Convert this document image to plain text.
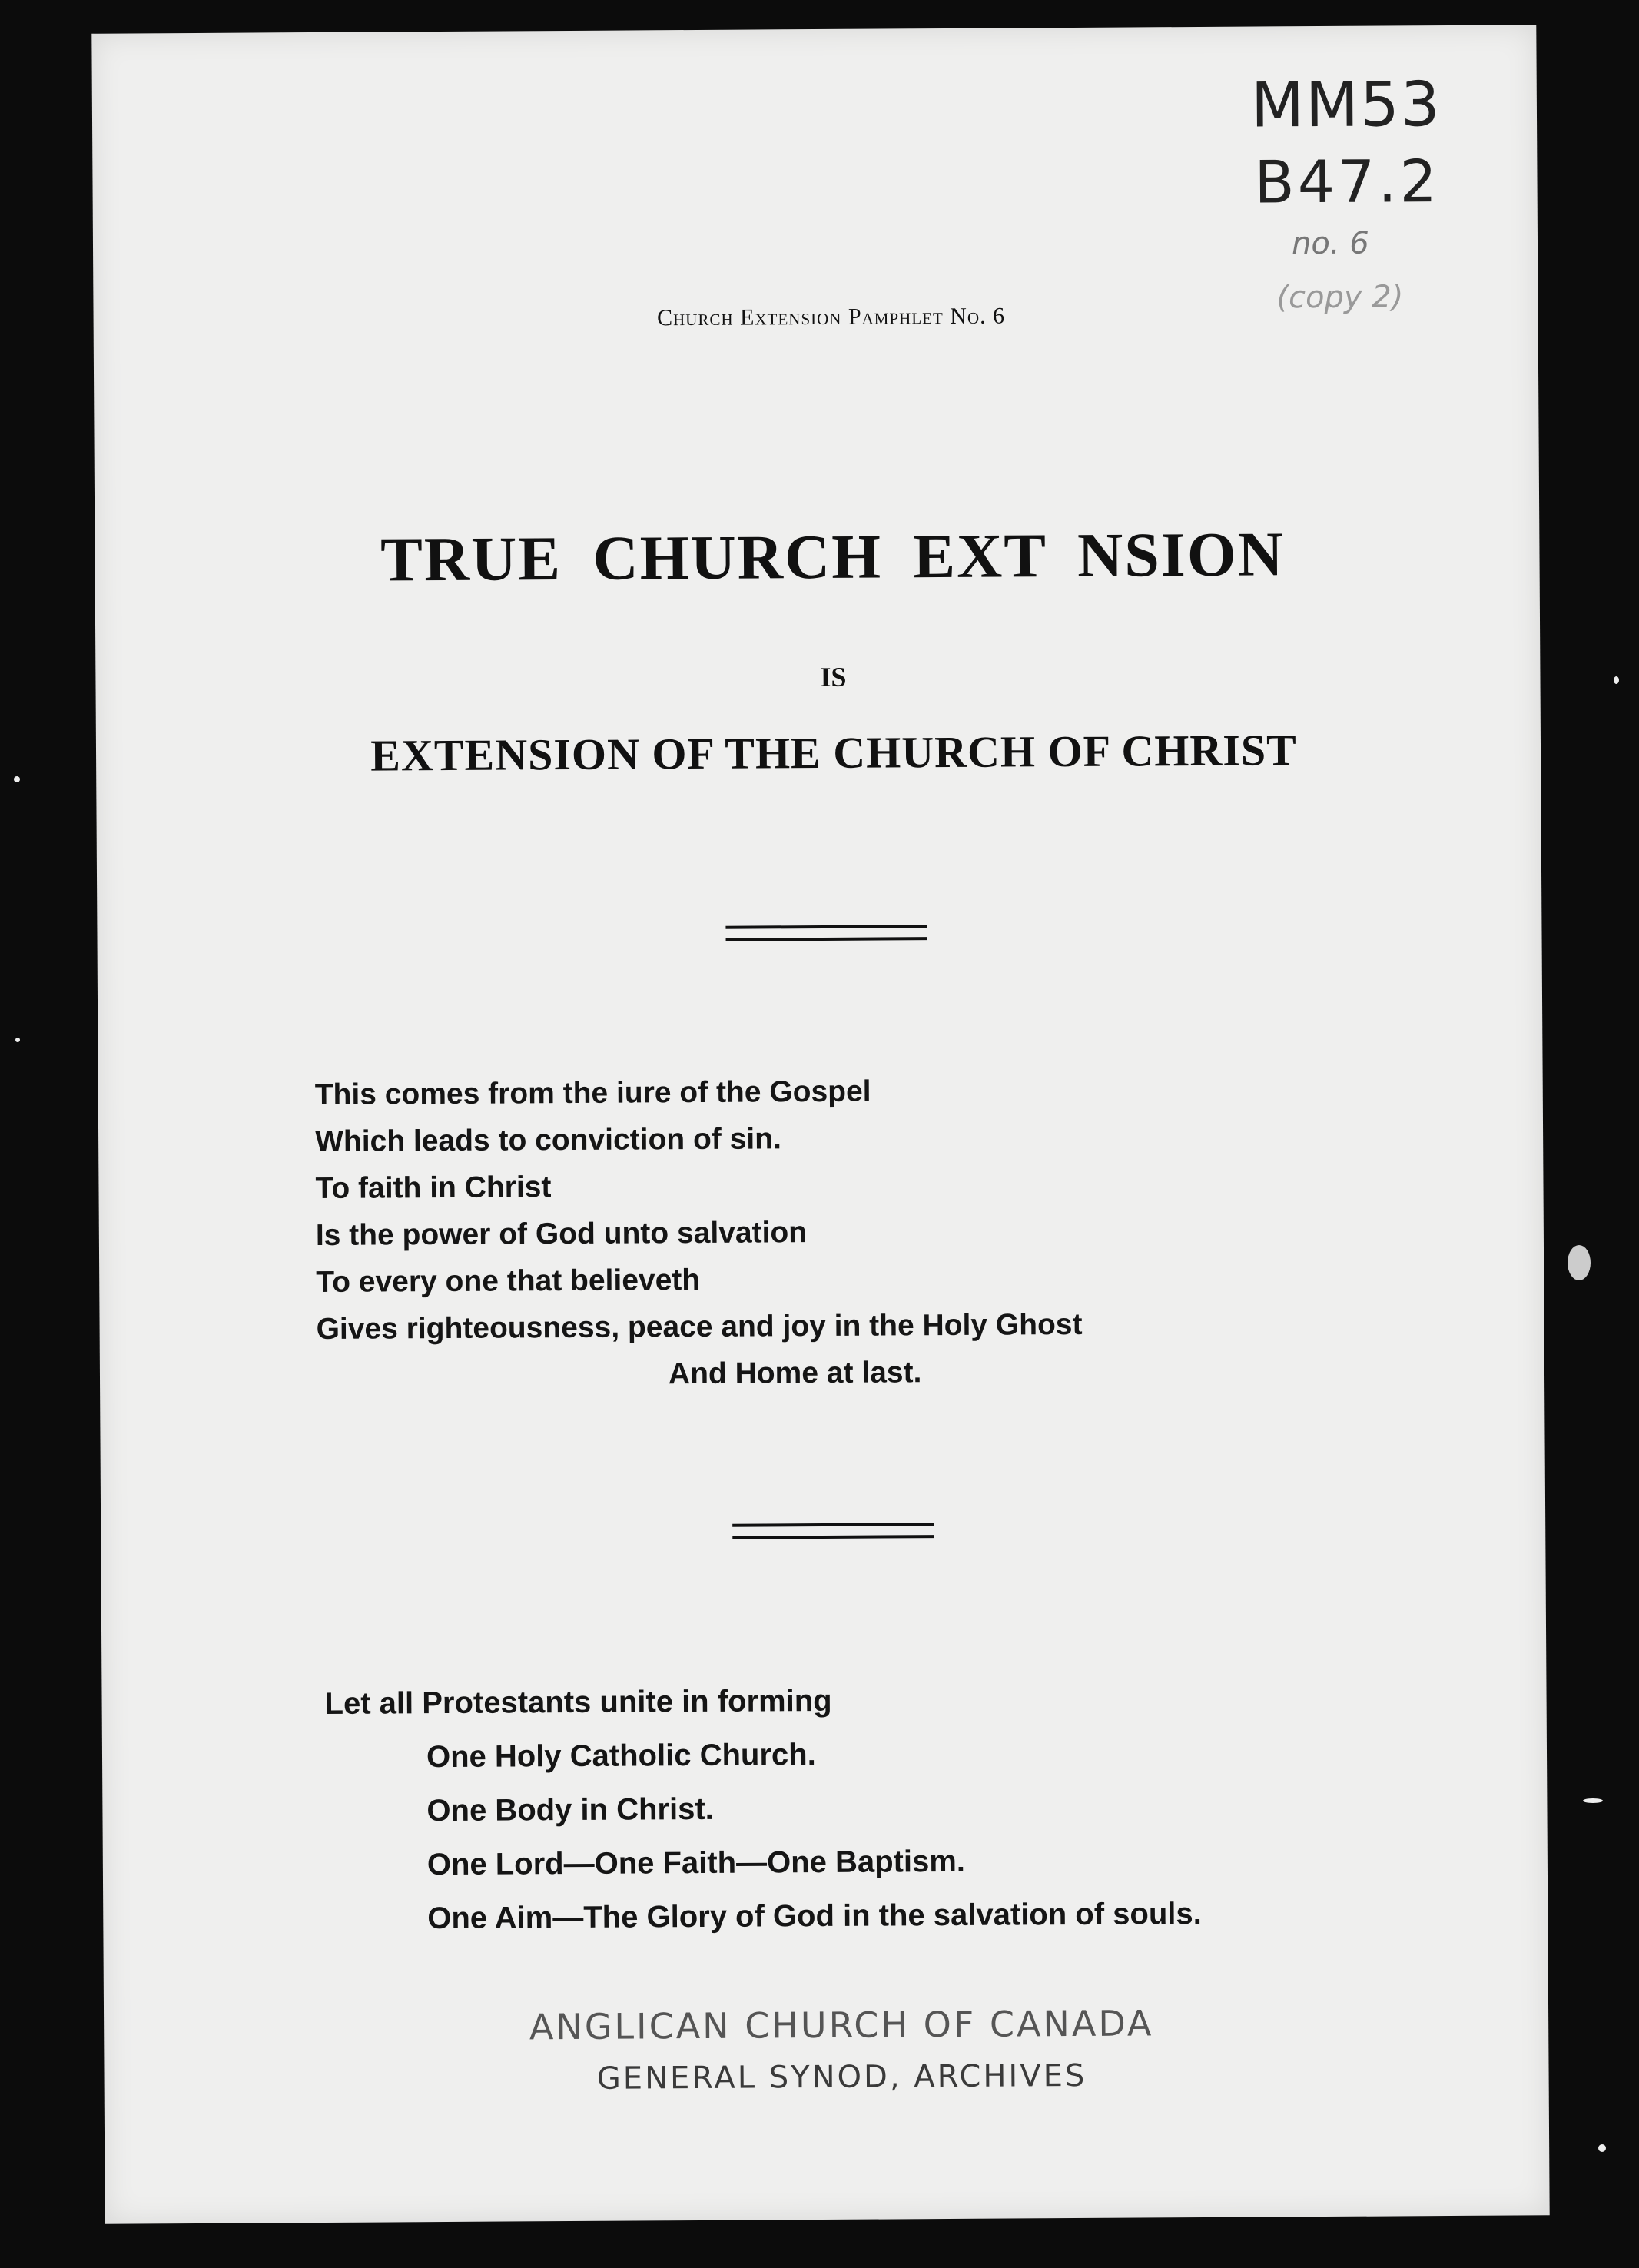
MM53
B47.2
no. 6
(copy 2)
Church Extension Pamphlet No. 6
TRUE CHURCH EXT NSION
IS
EXTENSION OF THE CHURCH OF CHRIST
This comes from the iure of the Gospel
Which leads to conviction of sin.
To faith in Christ
Is the power of God unto salvation
To every one that believeth
Gives righteousness, peace and joy in the Holy Ghost
And Home at last.
Let all Protestants unite in forming
One Holy Catholic Church.
One Body in Christ.
One Lord—One Faith—One Baptism.
One Aim—The Glory of God in the salvation of souls.
ANGLICAN CHURCH OF CANADA
GENERAL SYNOD, ARCHIVES
